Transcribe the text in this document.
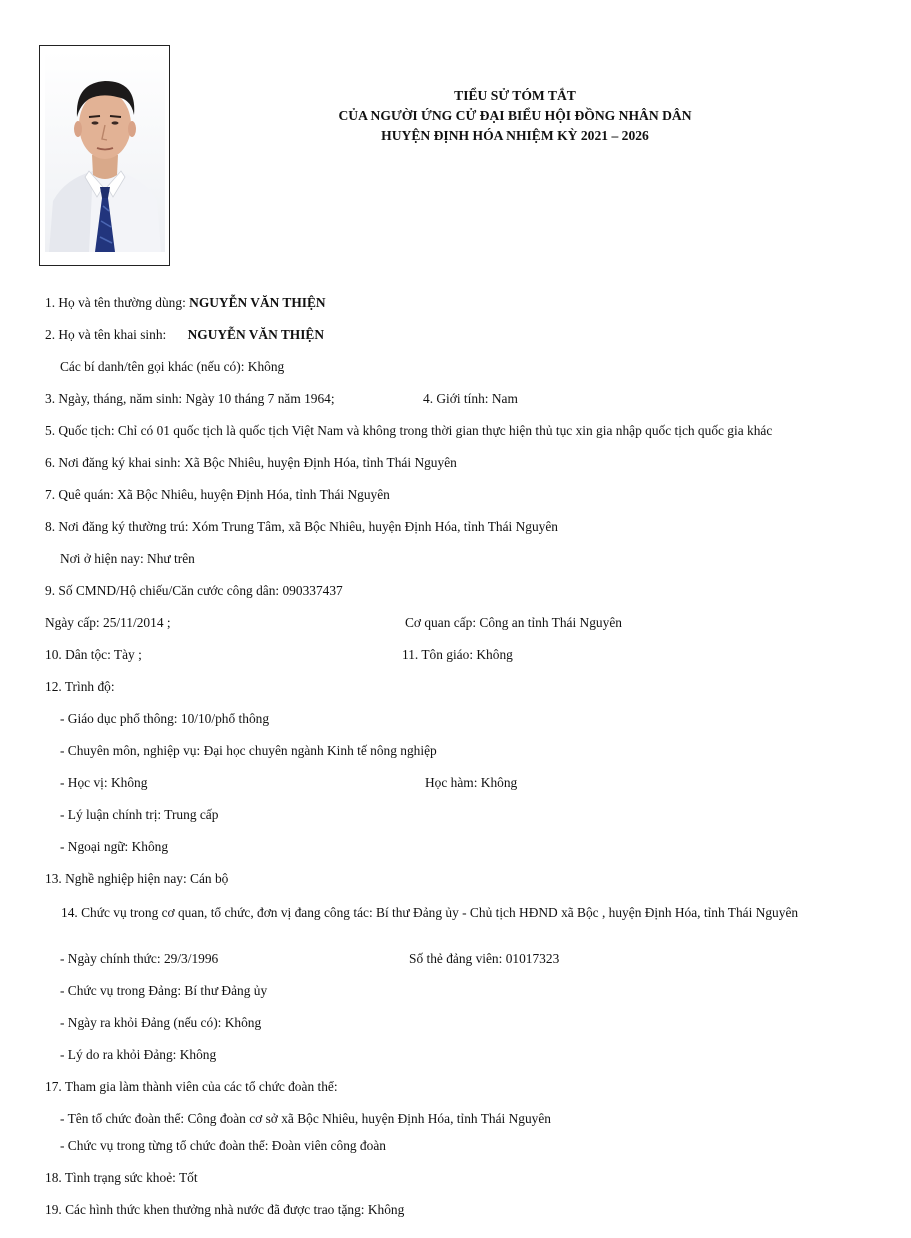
TIỂU SỬ TÓM TẮT
CỦA NGƯỜI ỨNG CỬ ĐẠI BIỂU HỘI ĐỒNG NHÂN DÂN
HUYỆN ĐỊNH HÓA NHIỆM KỲ 2021 – 2026
1. Họ và tên thường dùng: NGUYỄN VĂN THIỆN
2. Họ và tên khai sinh: NGUYỄN VĂN THIỆN
Các bí danh/tên gọi khác (nếu có): Không
3. Ngày, tháng, năm sinh: Ngày 10 tháng 7 năm 1964;	4. Giới tính: Nam
5. Quốc tịch: Chỉ có 01 quốc tịch là quốc tịch Việt Nam và không trong thời gian thực hiện thủ tục xin gia nhập quốc tịch quốc gia khác
6. Nơi đăng ký khai sinh: Xã Bộc Nhiêu, huyện Định Hóa, tỉnh Thái Nguyên
7. Quê quán: Xã Bộc Nhiêu, huyện Định Hóa, tỉnh Thái Nguyên
8. Nơi đăng ký thường trú: Xóm Trung Tâm, xã Bộc Nhiêu, huyện Định Hóa, tỉnh Thái Nguyên
Nơi ở hiện nay: Như trên
9. Số CMND/Hộ chiếu/Căn cước công dân: 090337437
Ngày cấp: 25/11/2014 ;	Cơ quan cấp: Công an tỉnh Thái Nguyên
10. Dân tộc: Tày ;	11. Tôn giáo: Không
12. Trình độ:
- Giáo dục phổ thông: 10/10/phổ thông
- Chuyên môn, nghiệp vụ: Đại học chuyên ngành Kinh tế nông nghiệp
- Học vị: Không	Học hàm: Không
- Lý luận chính trị: Trung cấp
- Ngoại ngữ: Không
13. Nghề nghiệp hiện nay: Cán bộ
14. Chức vụ trong cơ quan, tổ chức, đơn vị đang công tác: Bí thư Đảng ủy - Chủ tịch HĐND xã Bộc , huyện Định Hóa, tỉnh Thái Nguyên
- Ngày chính thức: 29/3/1996	Số thẻ đảng viên: 01017323
- Chức vụ trong Đảng: Bí thư Đảng ủy
- Ngày ra khỏi Đảng (nếu có): Không
- Lý do ra khỏi Đảng: Không
17. Tham gia làm thành viên của các tổ chức đoàn thể:
- Tên tổ chức đoàn thể: Công đoàn cơ sở xã Bộc Nhiêu, huyện Định Hóa, tỉnh Thái Nguyên
- Chức vụ trong từng tổ chức đoàn thể: Đoàn viên công đoàn
18. Tình trạng sức khoẻ: Tốt
19. Các hình thức khen thưởng nhà nước đã được trao tặng: Không
